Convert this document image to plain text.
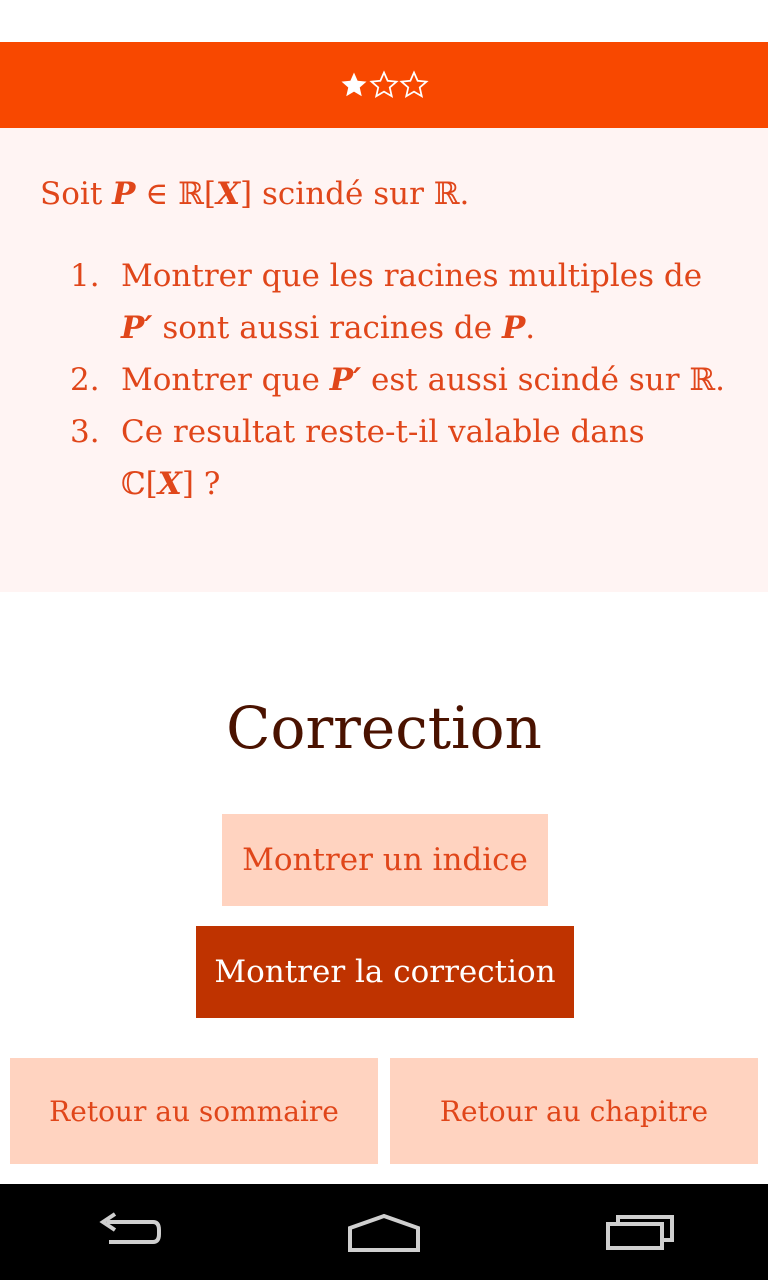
Soit P ∈ ℝ[X] scindé sur ℝ.

1. Montrer que les racines multiples de
P′ sont aussi racines de P.
2. Montrer que P′ est aussi scindé sur ℝ.
3. Ce resultat reste-t-il valable dans
ℂ[X] ?
Correction
Montrer un indice
Montrer la correction
Retour au sommaire	Retour au chapitre
